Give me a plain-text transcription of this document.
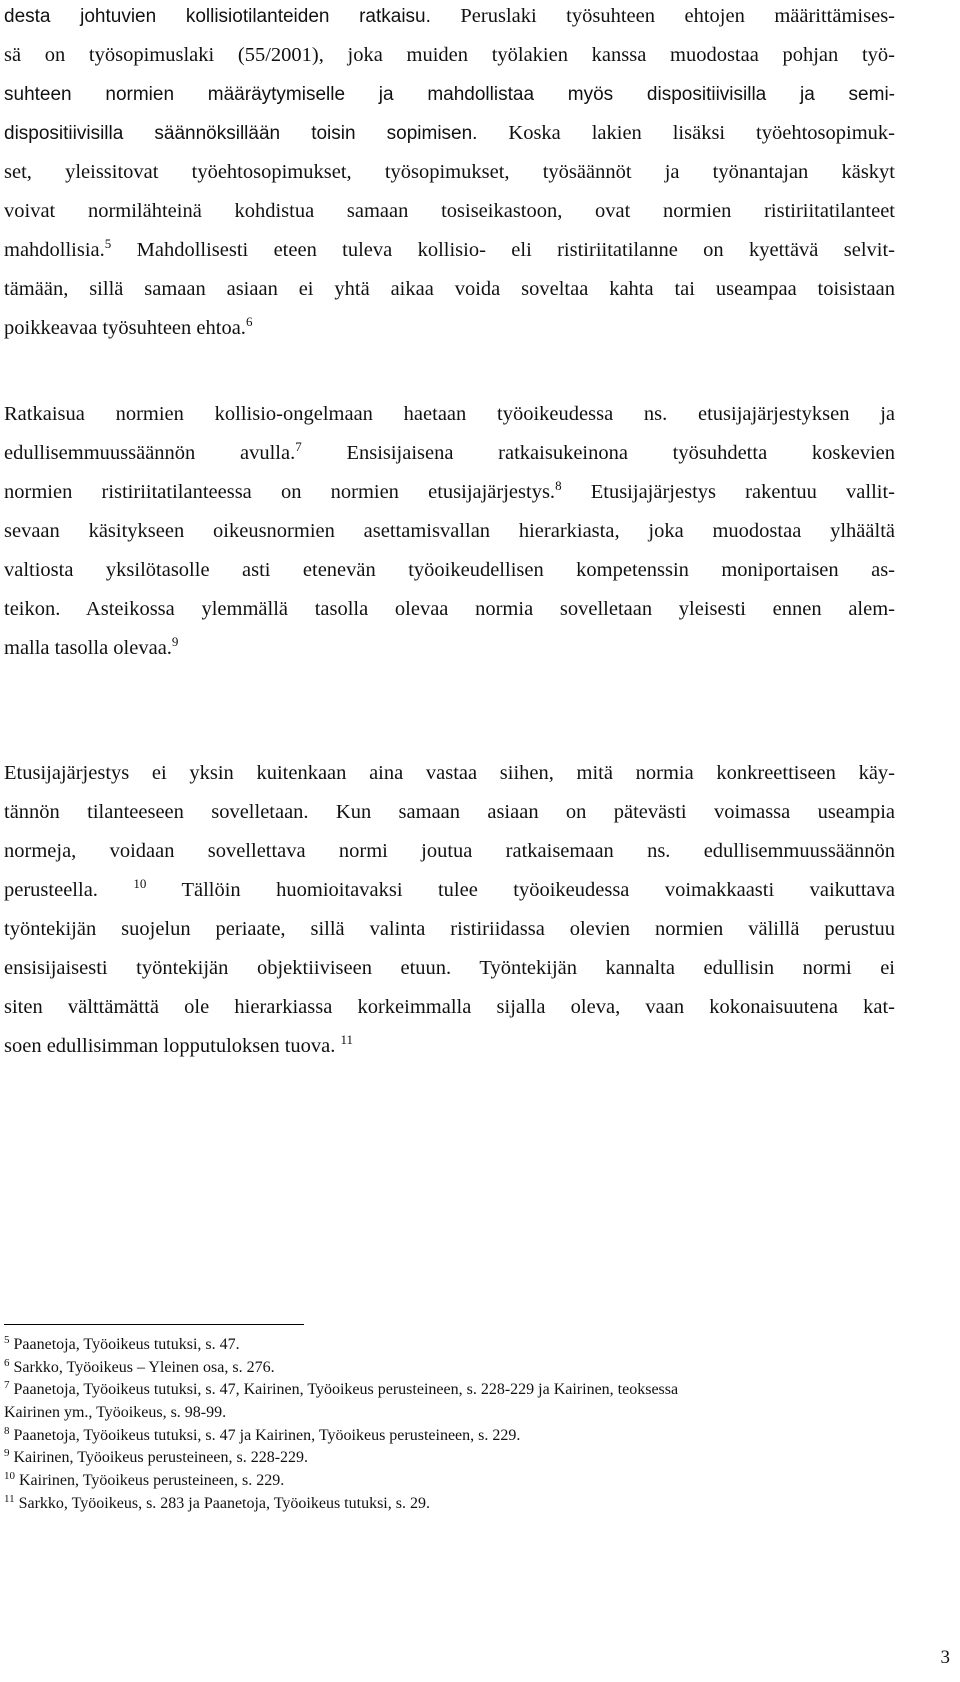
desta johtuvien kollisiotilanteiden ratkaisu. Peruslaki työsuhteen ehtojen määrittämises-
sä on työsopimuslaki (55/2001), joka muiden työlakien kanssa muodostaa pohjan työ-
suhteen normien määräytymiselle ja mahdollistaa myös dispositiivisilla ja semi-
dispositiivisilla säännöksillään toisin sopimisen. Koska lakien lisäksi työehtosopimuk-
set, yleissitovat työehtosopimukset, työsopimukset, työsäännöt ja työnantajan käskyt
voivat normilähteinä kohdistua samaan tosiseikastoon, ovat normien ristiriitatilanteet
mahdollisia.$^5$ Mahdollisesti eteen tuleva kollisio- eli ristiriitatilanne on kyettävä selvit-
tämään, sillä samaan asiaan ei yhtä aikaa voida soveltaa kahta tai useampaa toisistaan
poikkeavaa työsuhteen ehtoa.$^6$
Ratkaisua normien kollisio-ongelmaan haetaan työoikeudessa ns. etusijajärjestyksen ja
edullisemmuussäännön avulla.$^7$ Ensisijaisena ratkaisukeinona työsuhdetta koskevien
normien ristiriitatilanteessa on normien etusijajärjestys.$^8$ Etusijajärjestys rakentuu vallit-
sevaan käsitykseen oikeusnormien asettamisvallan hierarkiasta, joka muodostaa ylhäältä
valtiosta yksilötasolle asti etenevän työoikeudellisen kompetenssin moniportaisen as-
teikon. Asteikossa ylemmällä tasolla olevaa normia sovelletaan yleisesti ennen alem-
malla tasolla olevaa.$^9$
Etusijajärjestys ei yksin kuitenkaan aina vastaa siihen, mitä normia konkreettiseen käy-
tännön tilanteeseen sovelletaan. Kun samaan asiaan on pätevästi voimassa useampia
normeja, voidaan sovellettava normi joutua ratkaisemaan ns. edullisemmuussäännön
perusteella.	$^{10}$ Tällöin huomioitavaksi tulee työoikeudessa voimakkaasti vaikuttava
työntekijän suojelun periaate, sillä valinta ristiriidassa olevien normien välillä perustuu
ensisijaisesti työntekijän objektiiviseen etuun. Työntekijän kannalta edullisin normi ei
siten välttämättä ole hierarkiassa korkeimmalla sijalla oleva, vaan kokonaisuutena kat-
soen edullisimman lopputuloksen tuova. $^{11}$
$^5$ Paanetoja, Työoikeus tutuksi, s. 47.
$^6$ Sarkko, Työoikeus – Yleinen osa, s. 276.
$^7$ Paanetoja, Työoikeus tutuksi, s. 47, Kairinen, Työoikeus perusteineen, s. 228-229 ja Kairinen, teoksessa
Kairinen ym., Työoikeus, s. 98-99.
$^8$ Paanetoja, Työoikeus tutuksi, s. 47 ja Kairinen, Työoikeus perusteineen, s. 229.
$^9$ Kairinen, Työoikeus perusteineen, s. 228-229.
$^{10}$ Kairinen, Työoikeus perusteineen, s. 229.
$^{11}$ Sarkko, Työoikeus, s. 283 ja Paanetoja, Työoikeus tutuksi, s. 29.
3
